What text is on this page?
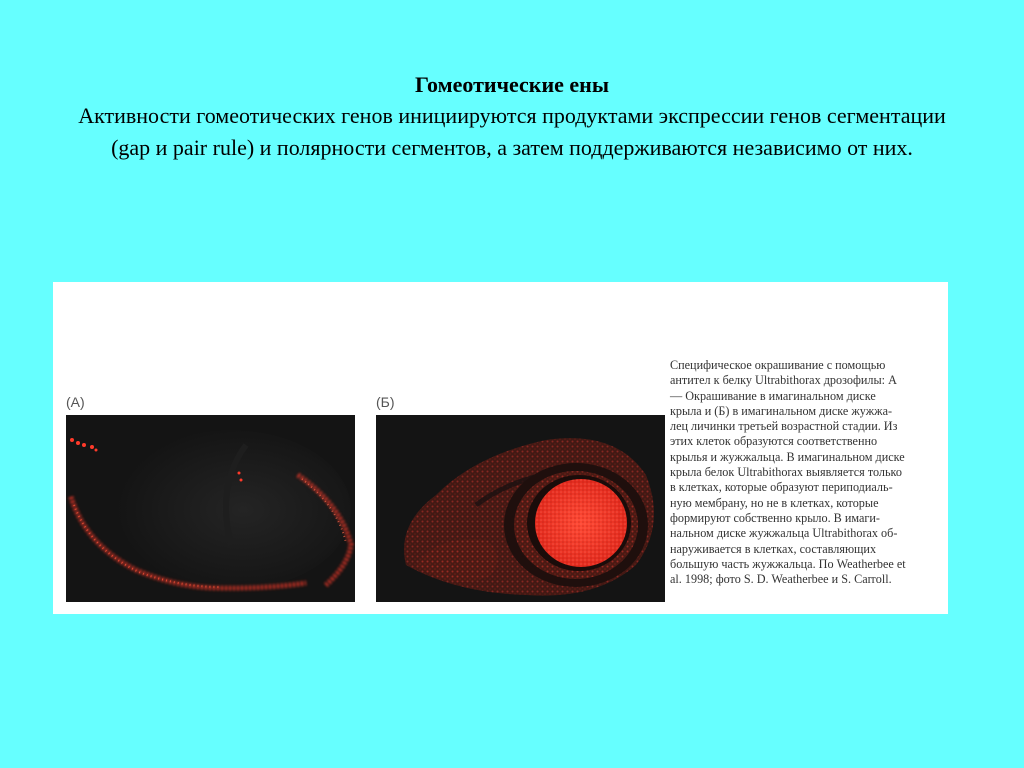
Гомеотические ены
Активности гомеотических генов инициируются продуктами экспрессии генов сегментации (gap и pair rule) и полярности сегментов, а затем поддерживаются независимо от них.
(A)	(Б)
Специфическое окрашивание с помощью
антител к белку Ultrabithorax дрозофилы: А
— Окрашивание в имагинальном диске
крыла и (Б) в имагинальном диске жужжа-
лец личинки третьей возрастной стадии. Из
этих клеток образуются соответственно
крылья и жужжальца. В имагинальном диске
крыла белок Ultrabithorax выявляется только
в клетках, которые образуют периподиаль-
ную мембрану, но не в клетках, которые
формируют собственно крыло. В имаги-
нальном диске жужжальца Ultrabithorax об-
наруживается в клетках, составляющих
большую часть жужжальца. По Weatherbee et
al. 1998; фото S. D. Weatherbee и S. Carroll.
